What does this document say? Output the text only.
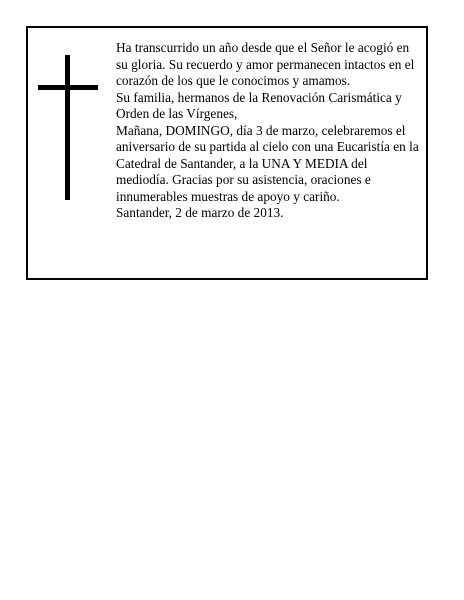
Ha transcurrido un año desde que el Señor le acogió en su gloria. Su recuerdo y amor permanecen intactos en el corazón de los que le conocimos y amamos.

Su familia, hermanos de la Renovación Carismática y Orden de las Vírgenes,

Mañana, DOMINGO, día 3 de marzo, celebraremos el aniversario de su partida al cielo con una Eucaristía en la Catedral de Santander, a la UNA Y MEDIA del mediodía. Gracias por su asistencia, oraciones e innumerables muestras de apoyo y cariño.

Santander, 2 de marzo de 2013.
